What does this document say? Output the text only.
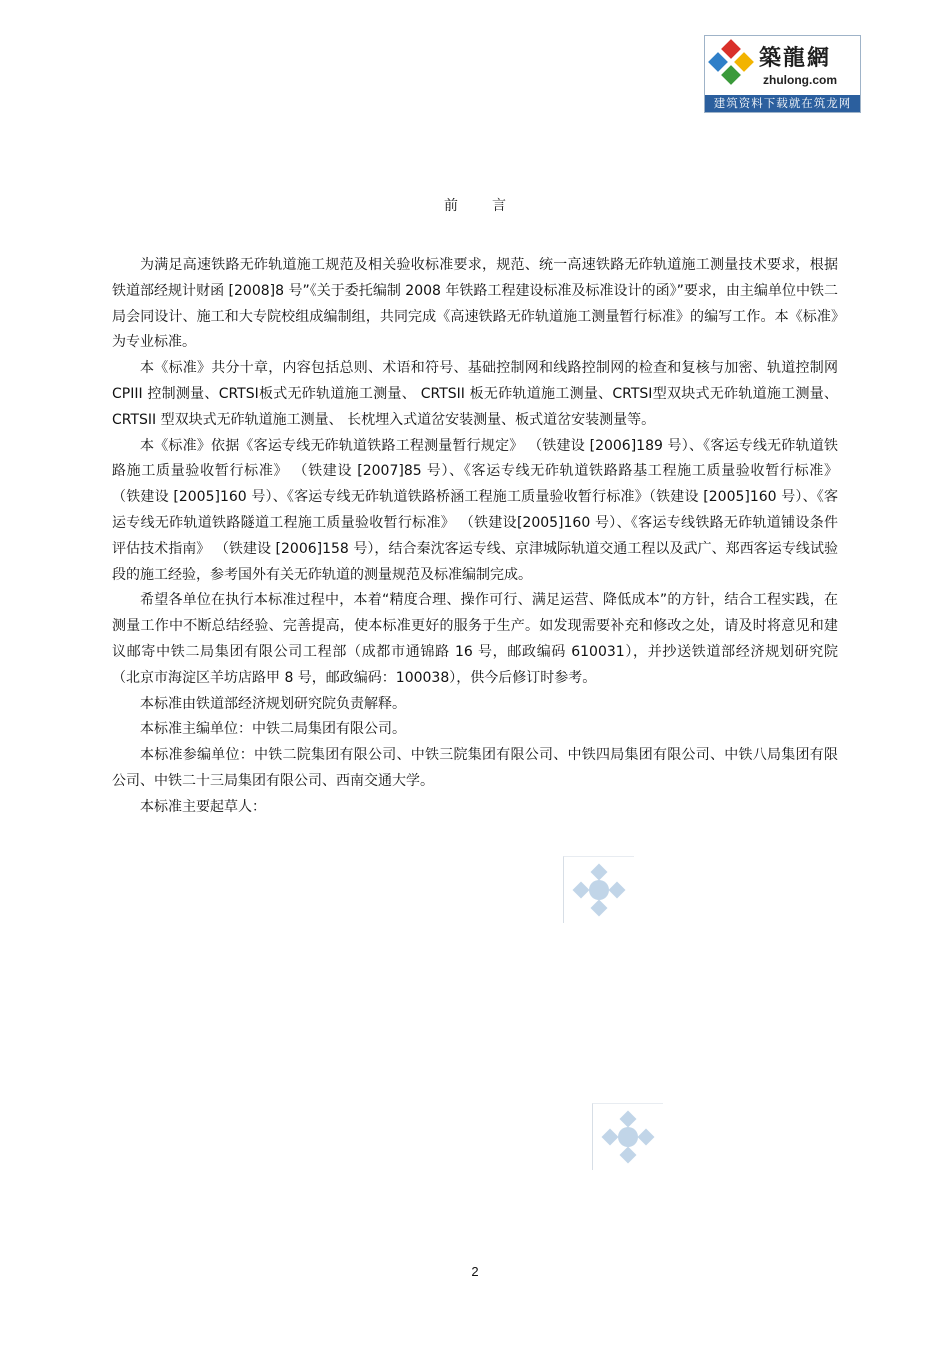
築龍網
zhulong.com
建筑资料下载就在筑龙网
前言

为满足高速铁路无砟轨道施工规范及相关验收标准要求，规范、统一高速铁路无砟轨道施工测量技术要求，根据铁道部经规计财函 [2008]8 号”《关于委托编制 2008 年铁路工程建设标准及标准设计的函》”要求，由主编单位中铁二局会同设计、施工和大专院校组成编制组，共同完成《高速铁路无砟轨道施工测量暂行标准》的编写工作。本《标准》为专业标准。

本《标准》共分十章，内容包括总则、术语和符号、基础控制网和线路控制网的检查和复核与加密、轨道控制网 CPIII 控制测量、CRTSI板式无砟轨道施工测量、 CRTSII 板无砟轨道施工测量、CRTSI型双块式无砟轨道施工测量、 CRTSII 型双块式无砟轨道施工测量、 长枕埋入式道岔安装测量、板式道岔安装测量等。

本《标准》依据《客运专线无砟轨道铁路工程测量暂行规定》 （铁建设 [2006]189 号）、《客运专线无砟轨道铁路施工质量验收暂行标准》 （铁建设 [2007]85 号）、《客运专线无砟轨道铁路路基工程施工质量验收暂行标准》 （铁建设 [2005]160 号）、《客运专线无砟轨道铁路桥涵工程施工质量验收暂行标准》（铁建设 [2005]160 号）、《客运专线无砟轨道铁路隧道工程施工质量验收暂行标准》 （铁建设[2005]160 号）、《客运专线铁路无砟轨道铺设条件评估技术指南》 （铁建设 [2006]158 号），结合秦沈客运专线、京津城际轨道交通工程以及武广、郑西客运专线试验段的施工经验，参考国外有关无砟轨道的测量规范及标准编制完成。

希望各单位在执行本标准过程中，本着“精度合理、操作可行、满足运营、降低成本”的方针，结合工程实践，在测量工作中不断总结经验、完善提高，使本标准更好的服务于生产。如发现需要补充和修改之处，请及时将意见和建议邮寄中铁二局集团有限公司工程部（成都市通锦路 16 号，邮政编码 610031），并抄送铁道部经济规划研究院 （北京市海淀区羊坊店路甲 8 号，邮政编码：100038），供今后修订时参考。

本标准由铁道部经济规划研究院负责解释。

本标准主编单位：中铁二局集团有限公司。

本标准参编单位：中铁二院集团有限公司、中铁三院集团有限公司、中铁四局集团有限公司、中铁八局集团有限公司、中铁二十三局集团有限公司、西南交通大学。

本标准主要起草人：

2
